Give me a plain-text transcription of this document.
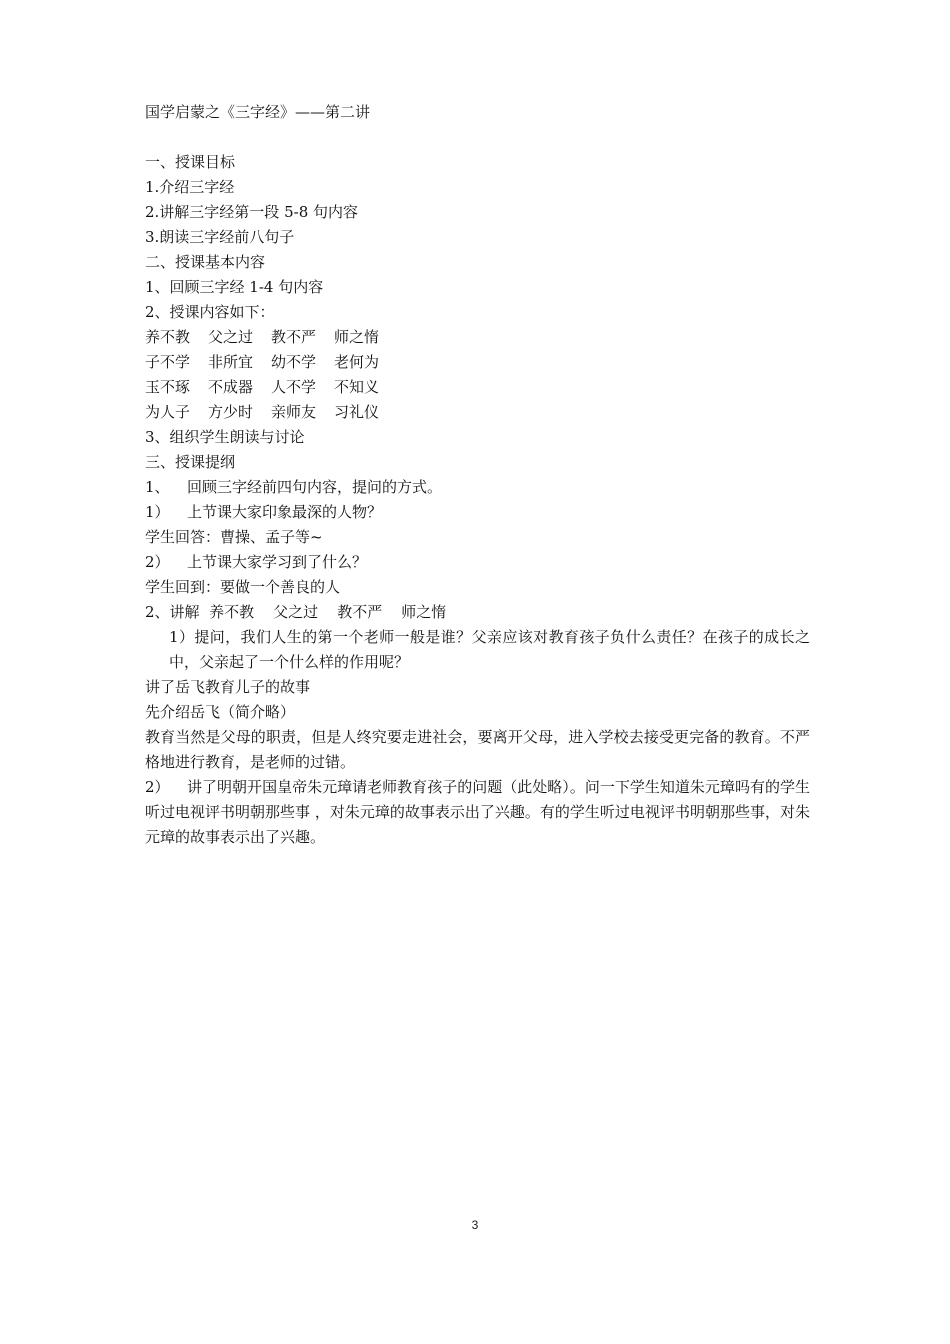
国学启蒙之《三字经》——第二讲
一、授课目标
1.介绍三字经
2.讲解三字经第一段 5-8 句内容
3.朗读三字经前八句子
二、授课基本内容
1、回顾三字经 1-4 句内容
2、授课内容如下：
养不教 父之过 教不严 师之惰
子不学 非所宜 幼不学 老何为
玉不琢 不成器 人不学 不知义
为人子 方少时 亲师友 习礼仪
3、组织学生朗读与讨论
三、授课提纲
1、 回顾三字经前四句内容，提问的方式。
1） 上节课大家印象最深的人物？
学生回答：曹操、孟子等~
2） 上节课大家学习到了什么？
学生回到：要做一个善良的人
2、讲解  养不教    父之过    教不严    师之惰
1）提问，我们人生的第一个老师一般是谁？父亲应该对教育孩子负什么责任？在孩子的成长之中，父亲起了一个什么样的作用呢？
讲了岳飞教育儿子的故事
先介绍岳飞（简介略）
教育当然是父母的职责，但是人终究要走进社会，要离开父母，进入学校去接受更完备的教育。不严格地进行教育，是老师的过错。
2） 讲了明朝开国皇帝朱元璋请老师教育孩子的问题（此处略）。问一下学生知道朱元璋吗有的学生听过电视评书明朝那些事 ，对朱元璋的故事表示出了兴趣。有的学生听过电视评书明朝那些事，对朱元璋的故事表示出了兴趣。
3
